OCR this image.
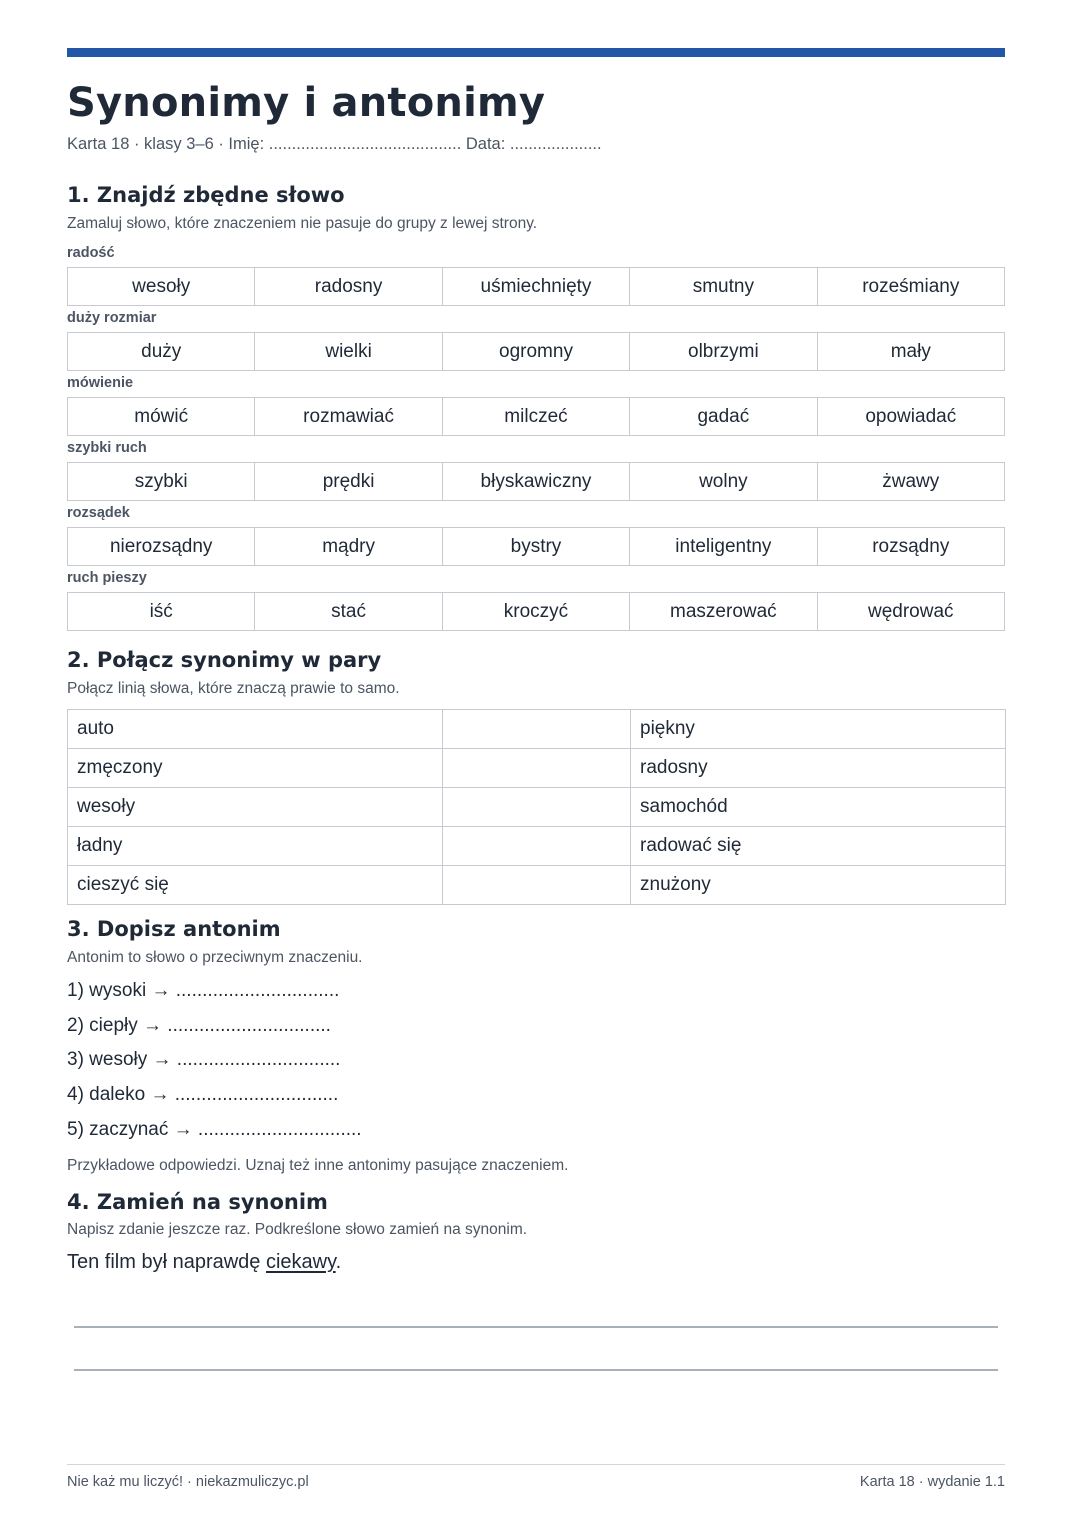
Synonimy i antonimy
Karta 18 · klasy 3–6 · Imię: .......................................... Data: ....................
1. Znajdź zbędne słowo
Zamaluj słowo, które znaczeniem nie pasuje do grupy z lewej strony.
radość
wesoły	radosny	uśmiechnięty	smutny	roześmiany
duży rozmiar
duży	wielki	ogromny	olbrzymi	mały
mówienie
mówić	rozmawiać	milczeć	gadać	opowiadać
szybki ruch
szybki	prędki	błyskawiczny	wolny	żwawy
rozsądek
nierozsądny	mądry	bystry	inteligentny	rozsądny
ruch pieszy
iść	stać	kroczyć	maszerować	wędrować
2. Połącz synonimy w pary
Połącz linią słowa, które znaczą prawie to samo.
auto		piękny
zmęczony		radosny
wesoły		samochód
ładny		radować się
cieszyć się		znużony
3. Dopisz antonim
Antonim to słowo o przeciwnym znaczeniu.
1) wysoki → ...............................
2) ciepły → ...............................
3) wesoły → ...............................
4) daleko → ...............................
5) zaczynać → ...............................
Przykładowe odpowiedzi. Uznaj też inne antonimy pasujące znaczeniem.
4. Zamień na synonim
Napisz zdanie jeszcze raz. Podkreślone słowo zamień na synonim.
Ten film był naprawdę ciekawy.
Nie każ mu liczyć! · niekazmuliczyc.pl	Karta 18 · wydanie 1.1
